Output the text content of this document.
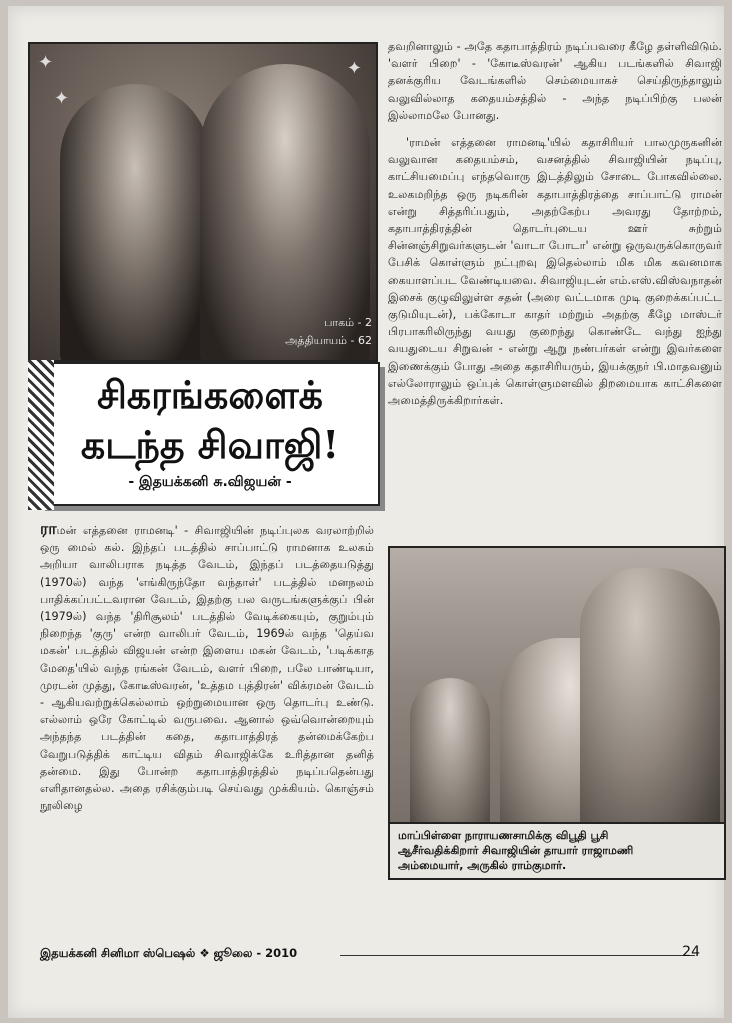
✦
✦
✦
பாகம் - 2
அத்தியாயம் - 62
சிகரங்களைக்
கடந்த சிவாஜி!
- இதயக்கனி சு.விஜயன் -

ராமன் எத்தனை ராமனடி' - சிவாஜியின் நடிப்புலக வரலாற்றில் ஒரு மைல் கல். இந்தப் படத்தில் சாப்பாட்டு ராமனாக உலகம் அறியா வாலிபராக நடித்த வேடம், இந்தப் படத்தையடுத்து (1970ல்) வந்த 'எங்கிருந்தோ வந்தாள்' படத்தில் மனநலம் பாதிக்கப்பட்டவரான வேடம், இதற்கு பல வருடங்களுக்குப் பின் (1979ல்) வந்த 'திரிசூலம்' படத்தில் வேடிக்கையும், குறும்பும் நிறைந்த 'குரு' என்ற வாலிபர் வேடம், 1969ல் வந்த 'தெய்வ மகன்' படத்தில் விஜயன் என்ற இளைய மகன் வேடம், 'படிக்காத மேதை'யில் வந்த ரங்கன் வேடம், வளர் பிறை, பலே பாண்டியா, முரடன் முத்து, கோடீஸ்வரன், 'உத்தம புத்திரன்' விக்ரமன் வேடம் - ஆகியவற்றுக்கெல்லாம் ஒற்றுமையான ஒரு தொடர்பு உண்டு. எல்லாம் ஒரே கோட்டில் வருபவை. ஆனால் ஒவ்வொன்றையும் அந்தந்த படத்தின் கதை, கதாபாத்திரத் தன்மைக்கேற்ப வேறுபடுத்திக் காட்டிய விதம் சிவாஜிக்கே உரித்தான தனித் தன்மை. இது போன்ற கதாபாத்திரத்தில் நடிப்பதென்பது எளிதானதல்ல. அதை ரசிக்கும்படி செய்வது முக்கியம். கொஞ்சம் நூலிழை

தவறினாலும் - அதே கதாபாத்திரம் நடிப்பவரை கீழே தள்ளிவிடும். 'வளர் பிறை' - 'கோடீஸ்வரன்' ஆகிய படங்களில் சிவாஜி தனக்குரிய வேடங்களில் செம்மையாகச் செய்திருந்தாலும் வலுவில்லாத கதையம்சத்தில் - அந்த நடிப்பிற்கு பலன் இல்லாமலே போனது.

'ராமன் எத்தனை ராமனடி'யில் கதாசிரியர் பாலமுருகனின் வலுவான கதையம்சம், வசனத்தில் சிவாஜியின் நடிப்பு, காட்சியமைப்பு எந்தவொரு இடத்திலும் சோடை போகவில்லை. உலகமறிந்த ஒரு நடிகரின் கதாபாத்திரத்தை சாப்பாட்டு ராமன் என்று சித்தரிப்பதும், அதற்கேற்ப அவரது தோற்றம், கதாபாத்திரத்தின் தொடர்புடைய ஊர் சுற்றும் சின்னஞ்சிறுவர்களுடன் 'வாடா போடா' என்று ஒருவருக்கொருவர் பேசிக் கொள்ளும் நட்புறவு இதெல்லாம் மிக மிக கவனமாக கையாளப்பட வேண்டியவை. சிவாஜியுடன் எம்.எஸ்.விஸ்வநாதன் இசைக் குழுவிலுள்ள சதன் (அரை வட்டமாக முடி குறைக்கப்பட்ட குடுமியுடன்), பக்கோடா காதர் மற்றும் அதற்கு கீழே மாஸ்டர் பிரபாகரிலிருந்து வயது குறைந்து கொண்டே வந்து ஐந்து வயதுடைய சிறுவன் - என்று ஆறு நண்பர்கள் என்று இவர்களை இணைக்கும் போது அதை கதாசிரியரும், இயக்குநர் பி.மாதவனும் எல்லோராலும் ஒப்புக் கொள்ளுமளவில் திறமையாக காட்சிகளை அமைத்திருக்கிறார்கள்.

மாப்பிள்ளை நாராயணசாமிக்கு விபூதி பூசி
ஆசீர்வதிக்கிறார் சிவாஜியின் தாயார் ராஜாமணி
அம்மையார், அருகில் ராம்குமார்.
இதயக்கனி சினிமா ஸ்பெஷல் ❖ ஜூலை - 2010	24
